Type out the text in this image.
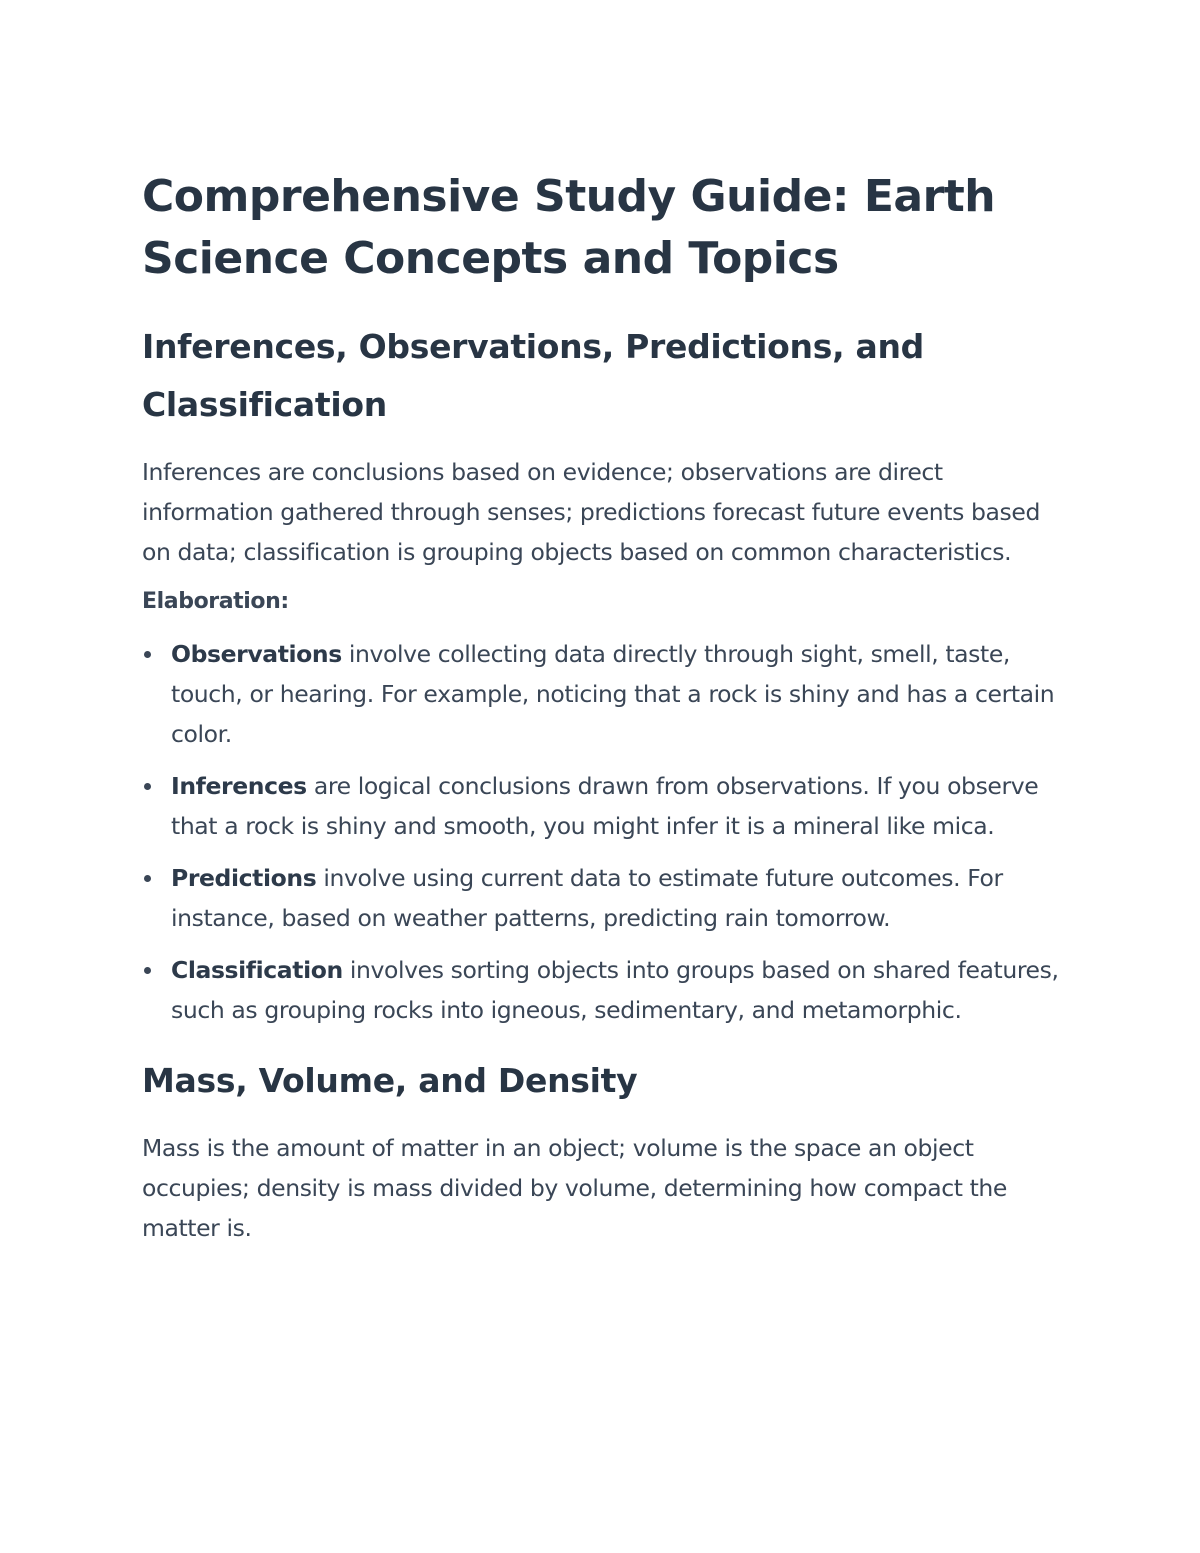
Comprehensive Study Guide: Earth Science Concepts and Topics
Inferences, Observations, Predictions, and Classification

Inferences are conclusions based on evidence; observations are direct information gathered through senses; predictions forecast future events based on data; classification is grouping objects based on common characteristics.

Elaboration:

Observations involve collecting data directly through sight, smell, taste, touch, or hearing. For example, noticing that a rock is shiny and has a certain color.
Inferences are logical conclusions drawn from observations. If you observe that a rock is shiny and smooth, you might infer it is a mineral like mica.
Predictions involve using current data to estimate future outcomes. For instance, based on weather patterns, predicting rain tomorrow.
Classification involves sorting objects into groups based on shared features, such as grouping rocks into igneous, sedimentary, and metamorphic.
Mass, Volume, and Density

Mass is the amount of matter in an object; volume is the space an object occupies; density is mass divided by volume, determining how compact the matter is.
